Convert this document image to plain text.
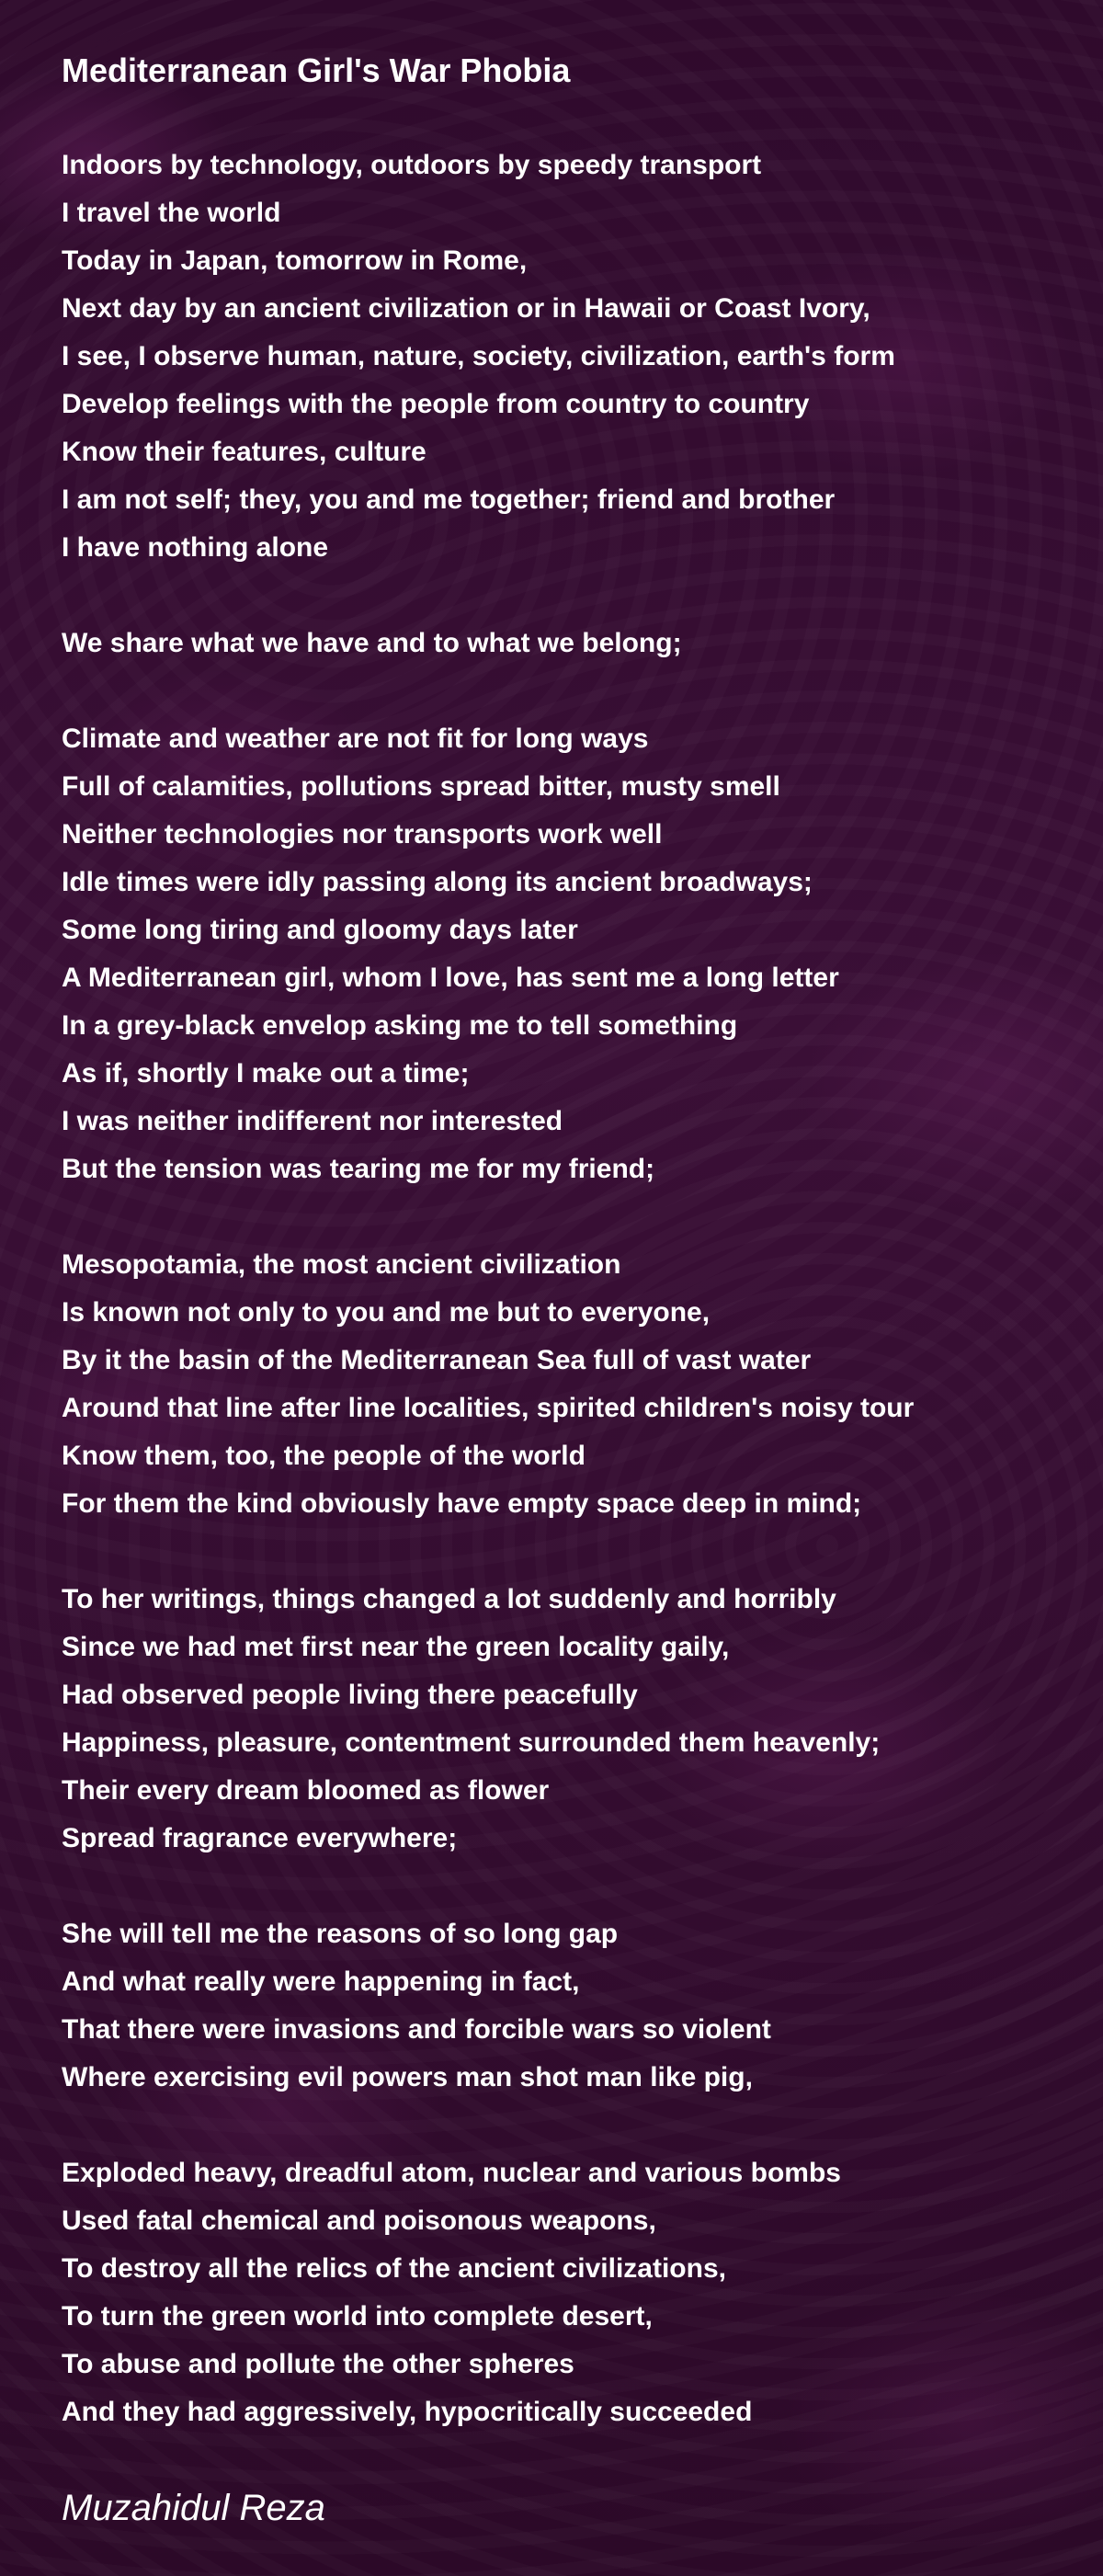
Mediterranean Girl's War Phobia
Indoors by technology, outdoors by speedy transport
I travel the world
Today in Japan, tomorrow in Rome,
Next day by an ancient civilization or in Hawaii or Coast Ivory,
I see, I observe human, nature, society, civilization, earth's form
Develop feelings with the people from country to country
Know their features, culture
I am not self; they, you and me together; friend and brother
I have nothing alone
We share what we have and to what we belong;
Climate and weather are not fit for long ways
Full of calamities, pollutions spread bitter, musty smell
Neither technologies nor transports work well
Idle times were idly passing along its ancient broadways;
Some long tiring and gloomy days later
A Mediterranean girl, whom I love, has sent me a long letter
In a grey-black envelop asking me to tell something
As if, shortly I make out a time;
I was neither indifferent nor interested
But the tension was tearing me for my friend;
Mesopotamia, the most ancient civilization
Is known not only to you and me but to everyone,
By it the basin of the Mediterranean Sea full of vast water
Around that line after line localities, spirited children's noisy tour
Know them, too, the people of the world
For them the kind obviously have empty space deep in mind;
To her writings, things changed a lot suddenly and horribly
Since we had met first near the green locality gaily,
Had observed people living there peacefully
Happiness, pleasure, contentment surrounded them heavenly;
Their every dream bloomed as flower
Spread fragrance everywhere;
She will tell me the reasons of so long gap
And what really were happening in fact,
That there were invasions and forcible wars so violent
Where exercising evil powers man shot man like pig,
Exploded heavy, dreadful atom, nuclear and various bombs
Used fatal chemical and poisonous weapons,
To destroy all the relics of the ancient civilizations,
To turn the green world into complete desert,
To abuse and pollute the other spheres
And they had aggressively, hypocritically succeeded
Muzahidul Reza
